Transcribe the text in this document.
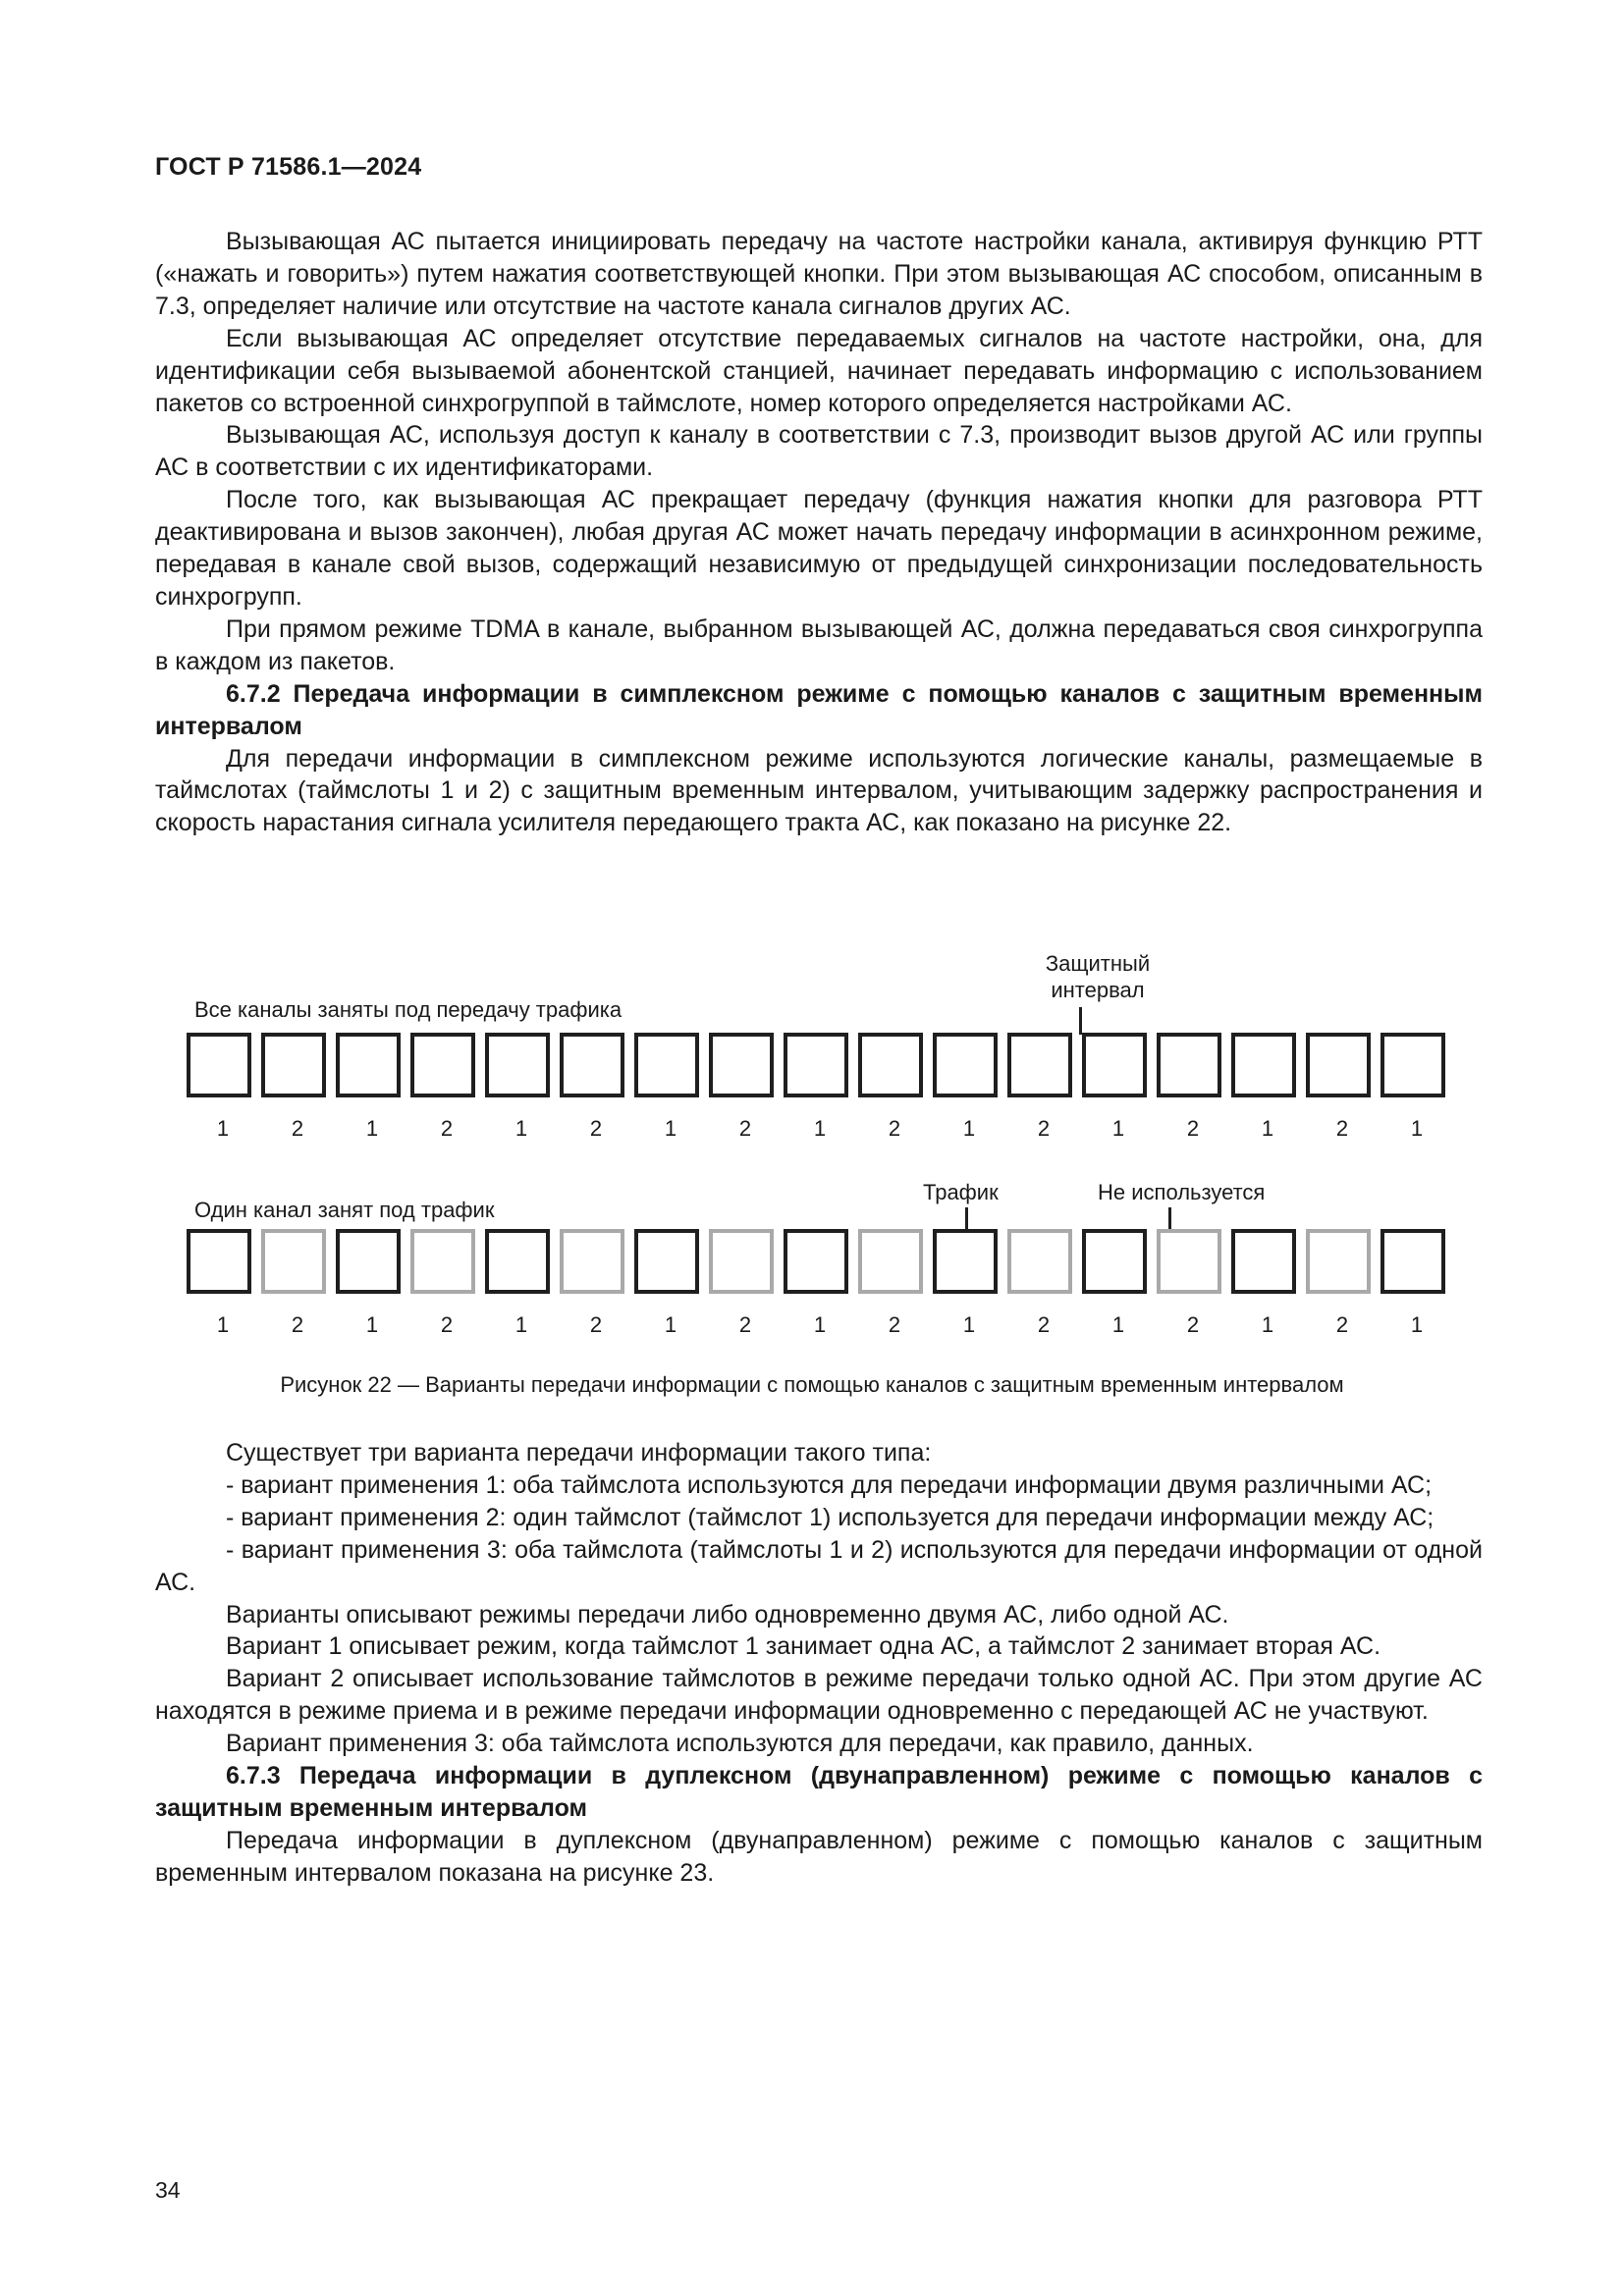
ГОСТ Р 71586.1—2024

Вызывающая АС пытается инициировать передачу на частоте настройки канала, активируя функцию РТТ («нажать и говорить») путем нажатия соответствующей кнопки. При этом вызывающая АС способом, описанным в 7.3, определяет наличие или отсутствие на частоте канала сигналов других АС.

Если вызывающая АС определяет отсутствие передаваемых сигналов на частоте настройки, она, для идентификации себя вызываемой абонентской станцией, начинает передавать информацию с использованием пакетов со встроенной синхрогруппой в таймслоте, номер которого определяется настройками АС.

Вызывающая АС, используя доступ к каналу в соответствии с 7.3, производит вызов другой АС или группы АС в соответствии с их идентификаторами.

После того, как вызывающая АС прекращает передачу (функция нажатия кнопки для разговора РТТ деактивирована и вызов закончен), любая другая АС может начать передачу информации в асинхронном режиме, передавая в канале свой вызов, содержащий независимую от предыдущей синхронизации последовательность синхрогрупп.

При прямом режиме TDMA в канале, выбранном вызывающей АС, должна передаваться своя синхрогруппа в каждом из пакетов.

6.7.2 Передача информации в симплексном режиме с помощью каналов с защитным временным интервалом

Для передачи информации в симплексном режиме используются логические каналы, размещаемые в таймслотах (таймслоты 1 и 2) с защитным временным интервалом, учитывающим задержку распространения и скорость нарастания сигнала усилителя передающего тракта АС, как показано на рисунке 22.

Все каналы заняты под передачу трафика
Защитный
интервал
1	2	1	2	1	2	1	2	1	2	1	2	1	2	1	2	1
Один канал занят под трафик
Трафик	Не используется
1	2	1	2	1	2	1	2	1	2	1	2	1	2	1	2	1
Рисунок 22 — Варианты передачи информации с помощью каналов с защитным временным интервалом

Существует три варианта передачи информации такого типа:

- вариант применения 1: оба таймслота используются для передачи информации двумя различными АС;

- вариант применения 2: один таймслот (таймслот 1) используется для передачи информации между АС;

- вариант применения 3: оба таймслота (таймслоты 1 и 2) используются для передачи информации от одной АС.

Варианты описывают режимы передачи либо одновременно двумя АС, либо одной АС.

Вариант 1 описывает режим, когда таймслот 1 занимает одна АС, а таймслот 2 занимает вторая АС.

Вариант 2 описывает использование таймслотов в режиме передачи только одной АС. При этом другие АС находятся в режиме приема и в режиме передачи информации одновременно с передающей АС не участвуют.

Вариант применения 3: оба таймслота используются для передачи, как правило, данных.

6.7.3 Передача информации в дуплексном (двунаправленном) режиме с помощью каналов с защитным временным интервалом

Передача информации в дуплексном (двунаправленном) режиме с помощью каналов с защитным временным интервалом показана на рисунке 23.

34
